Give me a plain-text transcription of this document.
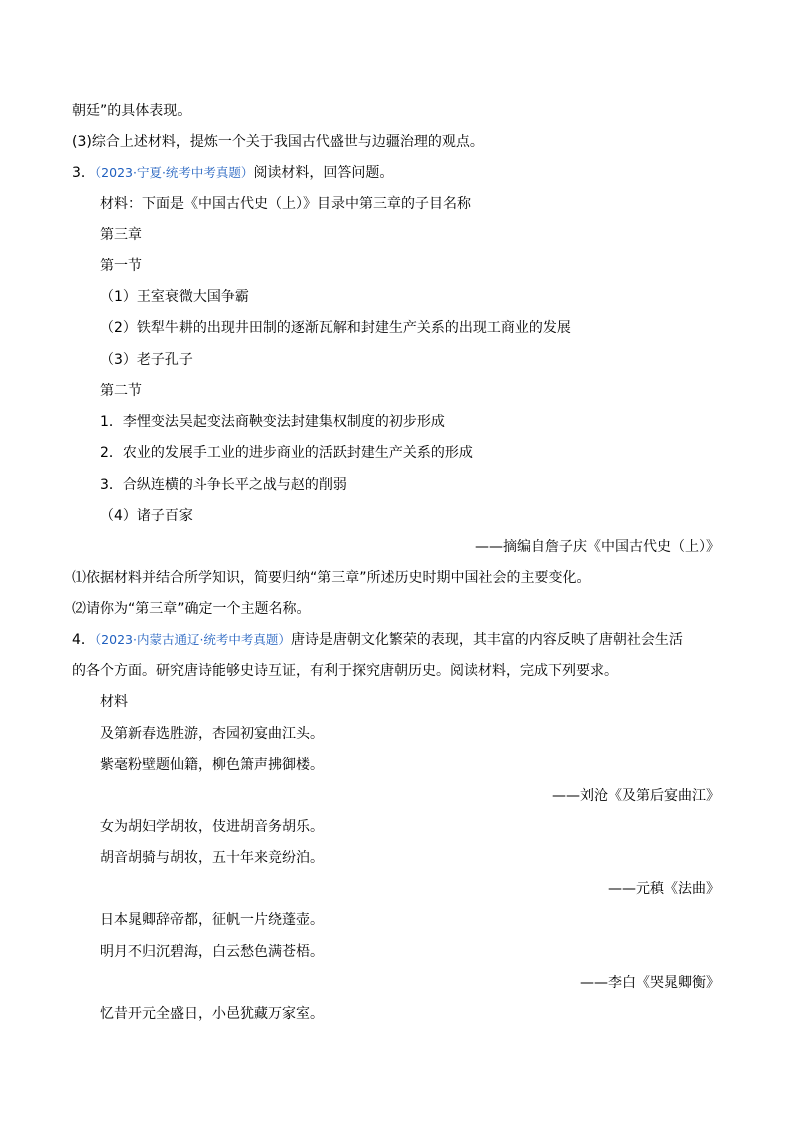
朝廷”的具体表现。
(3)综合上述材料，提炼一个关于我国古代盛世与边疆治理的观点。
3．（2023·宁夏·统考中考真题）阅读材料，回答问题。
材料：下面是《中国古代史（上）》目录中第三章的子目名称
第三章
第一节
（1）王室衰微大国争霸
（2）铁犁牛耕的出现井田制的逐渐瓦解和封建生产关系的出现工商业的发展
（3）老子孔子
第二节
1．李悝变法吴起变法商鞅变法封建集权制度的初步形成
2．农业的发展手工业的进步商业的活跃封建生产关系的形成
3．合纵连横的斗争长平之战与赵的削弱
（4）诸子百家
——摘编自詹子庆《中国古代史（上）》
⑴依据材料并结合所学知识，简要归纳“第三章”所述历史时期中国社会的主要变化。
⑵请你为“第三章”确定一个主题名称。
4．（2023·内蒙古通辽·统考中考真题）唐诗是唐朝文化繁荣的表现，其丰富的内容反映了唐朝社会生活
的各个方面。研究唐诗能够史诗互证，有利于探究唐朝历史。阅读材料，完成下列要求。
材料
及第新春选胜游，杏园初宴曲江头。
紫毫粉壁题仙籍，柳色箫声拂御楼。
——刘沧《及第后宴曲江》
女为胡妇学胡妆，伎进胡音务胡乐。
胡音胡骑与胡妆，五十年来竞纷泊。
——元稹《法曲》
日本晁卿辞帝都，征帆一片绕蓬壶。
明月不归沉碧海，白云愁色满苍梧。
——李白《哭晁卿衡》
忆昔开元全盛日，小邑犹藏万家室。
